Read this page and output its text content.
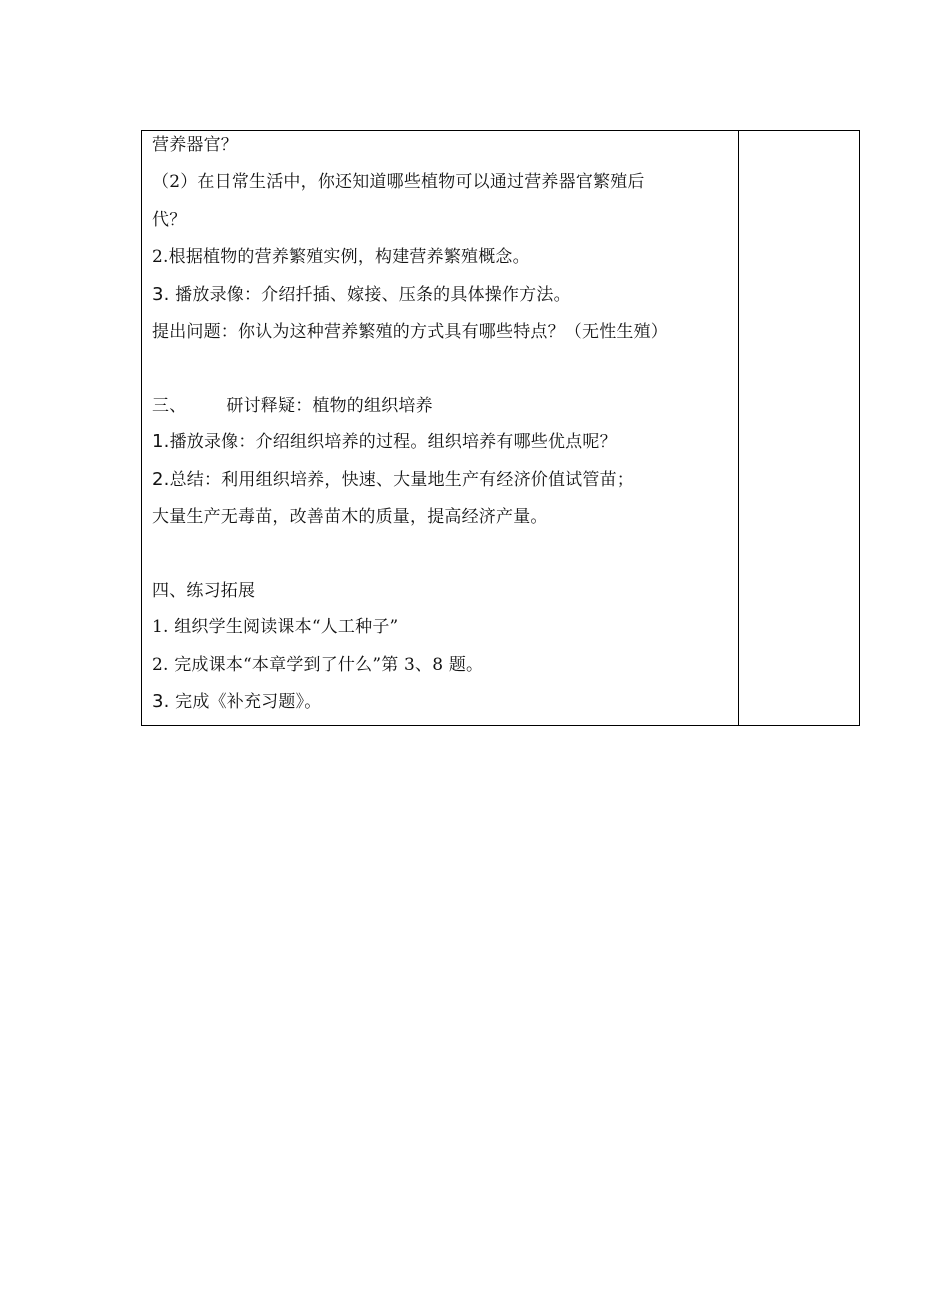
营养器官？
（2）在日常生活中，你还知道哪些植物可以通过营养器官繁殖后
代？
2.根据植物的营养繁殖实例，构建营养繁殖概念。
3. 播放录像：介绍扦插、嫁接、压条的具体操作方法。
提出问题：你认为这种营养繁殖的方式具有哪些特点？（无性生殖）
三、 研讨释疑：植物的组织培养
1.播放录像：介绍组织培养的过程。组织培养有哪些优点呢？
2.总结：利用组织培养，快速、大量地生产有经济价值试管苗；
大量生产无毒苗，改善苗木的质量，提高经济产量。
四、练习拓展
1. 组织学生阅读课本“人工种子”
2. 完成课本“本章学到了什么”第 3、8 题。
3. 完成《补充习题》。
